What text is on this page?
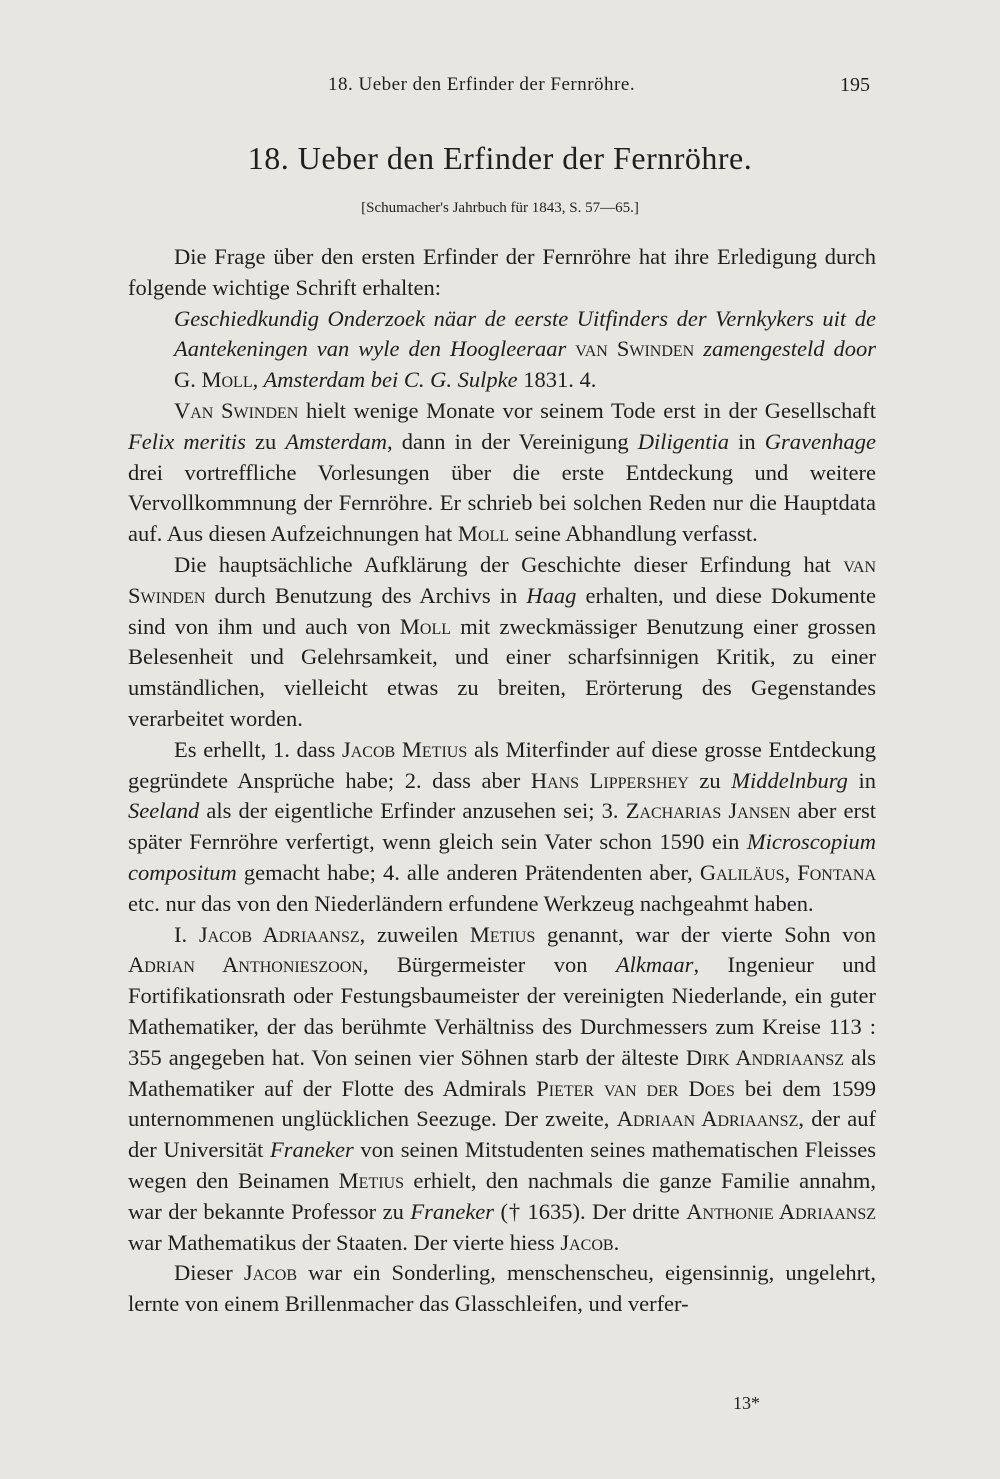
18. Ueber den Erfinder der Fernröhre.	195
18. Ueber den Erfinder der Fernröhre.
[Schumacher's Jahrbuch für 1843, S. 57—65.]

Die Frage über den ersten Erfinder der Fernröhre hat ihre Erledigung durch folgende wichtige Schrift erhalten:

Geschiedkundig Onderzoek näar de eerste Uitfinders der Vernkykers uit de Aantekeningen van wyle den Hoogleeraar van Swinden zamengesteld door G. Moll, Amsterdam bei C. G. Sulpke 1831. 4.

Van Swinden hielt wenige Monate vor seinem Tode erst in der Gesellschaft Felix meritis zu Amsterdam, dann in der Vereinigung Diligentia in Gravenhage drei vortreffliche Vorlesungen über die erste Entdeckung und weitere Vervollkommnung der Fernröhre. Er schrieb bei solchen Reden nur die Hauptdata auf. Aus diesen Aufzeichnungen hat Moll seine Abhandlung verfasst.

Die hauptsächliche Aufklärung der Geschichte dieser Erfindung hat van Swinden durch Benutzung des Archivs in Haag erhalten, und diese Dokumente sind von ihm und auch von Moll mit zweckmässiger Benutzung einer grossen Belesenheit und Gelehrsamkeit, und einer scharfsinnigen Kritik, zu einer umständlichen, vielleicht etwas zu breiten, Erörterung des Gegenstandes verarbeitet worden.

Es erhellt, 1. dass Jacob Metius als Miterfinder auf diese grosse Entdeckung gegründete Ansprüche habe; 2. dass aber Hans Lippershey zu Middelnburg in Seeland als der eigentliche Erfinder anzusehen sei; 3. Zacharias Jansen aber erst später Fernröhre verfertigt, wenn gleich sein Vater schon 1590 ein Microscopium compositum gemacht habe; 4. alle anderen Prätendenten aber, Galiläus, Fontana etc. nur das von den Niederländern erfundene Werkzeug nachgeahmt haben.

I. Jacob Adriaansz, zuweilen Metius genannt, war der vierte Sohn von Adrian Anthonieszoon, Bürgermeister von Alkmaar, Ingenieur und Fortifikationsrath oder Festungsbaumeister der vereinigten Niederlande, ein guter Mathematiker, der das berühmte Verhältniss des Durchmessers zum Kreise 113 : 355 angegeben hat. Von seinen vier Söhnen starb der älteste Dirk Andriaansz als Mathematiker auf der Flotte des Admirals Pieter van der Does bei dem 1599 unternommenen unglücklichen Seezuge. Der zweite, Adriaan Adriaansz, der auf der Universität Franeker von seinen Mitstudenten seines mathematischen Fleisses wegen den Beinamen Metius erhielt, den nachmals die ganze Familie annahm, war der bekannte Professor zu Franeker († 1635). Der dritte Anthonie Adriaansz war Mathematikus der Staaten. Der vierte hiess Jacob.

Dieser Jacob war ein Sonderling, menschenscheu, eigensinnig, ungelehrt, lernte von einem Brillenmacher das Glasschleifen, und verfer-

13*
